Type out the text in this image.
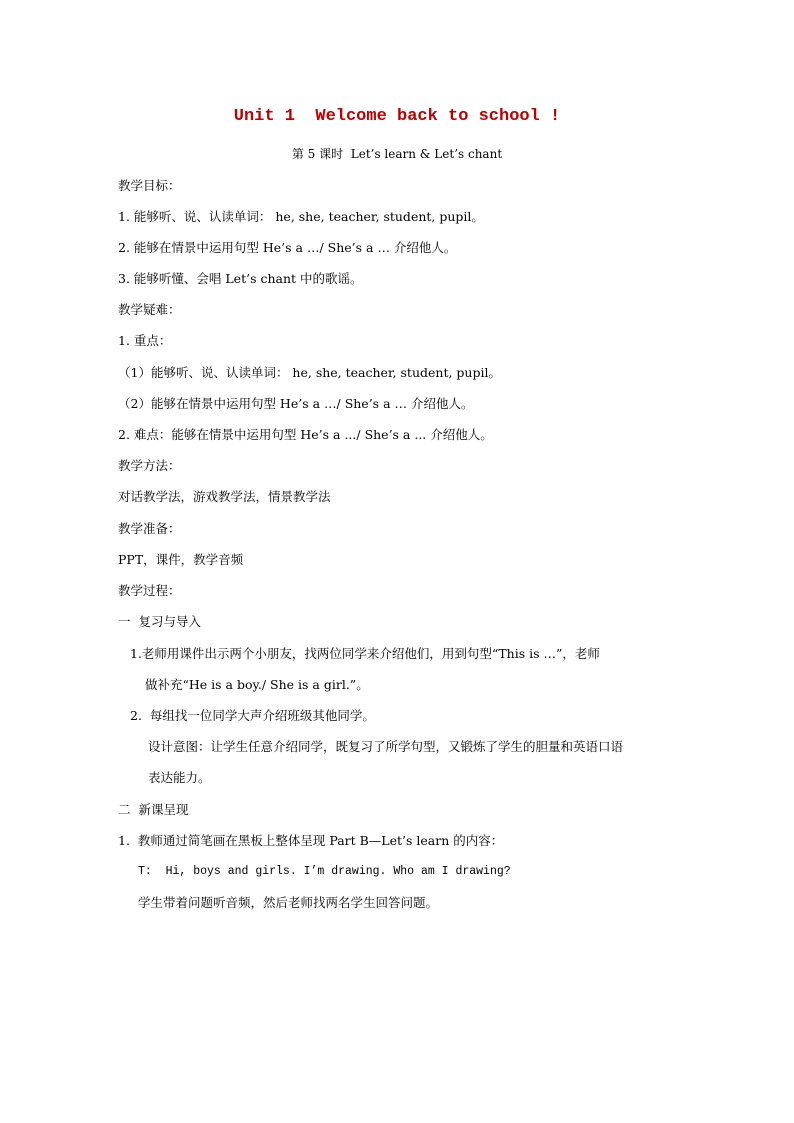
Unit 1  Welcome back to school !
第 5 课时  Let’s learn & Let’s chant
教学目标：
1. 能够听、说、认读单词： he, she, teacher, student, pupil。
2. 能够在情景中运用句型 He’s a …/ She’s a … 介绍他人。
3. 能够听懂、会唱 Let’s chant 中的歌谣。
教学疑难：
1. 重点：
（1）能够听、说、认读单词： he, she, teacher, student, pupil。
（2）能够在情景中运用句型 He’s a …/ She’s a … 介绍他人。
2. 难点：能够在情景中运用句型 He’s a .../ She’s a ... 介绍他人。
教学方法：
对话教学法，游戏教学法，情景教学法
教学准备：
PPT，课件，教学音频
教学过程：
一  复习与导入
1.老师用课件出示两个小朋友，找两位同学来介绍他们，用到句型“This is …”，老师
做补充“He is a boy./ She is a girl.”。
2.  每组找一位同学大声介绍班级其他同学。
设计意图：让学生任意介绍同学，既复习了所学句型，又锻炼了学生的胆量和英语口语
表达能力。
二  新课呈现
1.  教师通过简笔画在黑板上整体呈现 Part B—Let’s learn 的内容：
T:  Hi, boys and girls. I’m drawing. Who am I drawing?
学生带着问题听音频，然后老师找两名学生回答问题。
